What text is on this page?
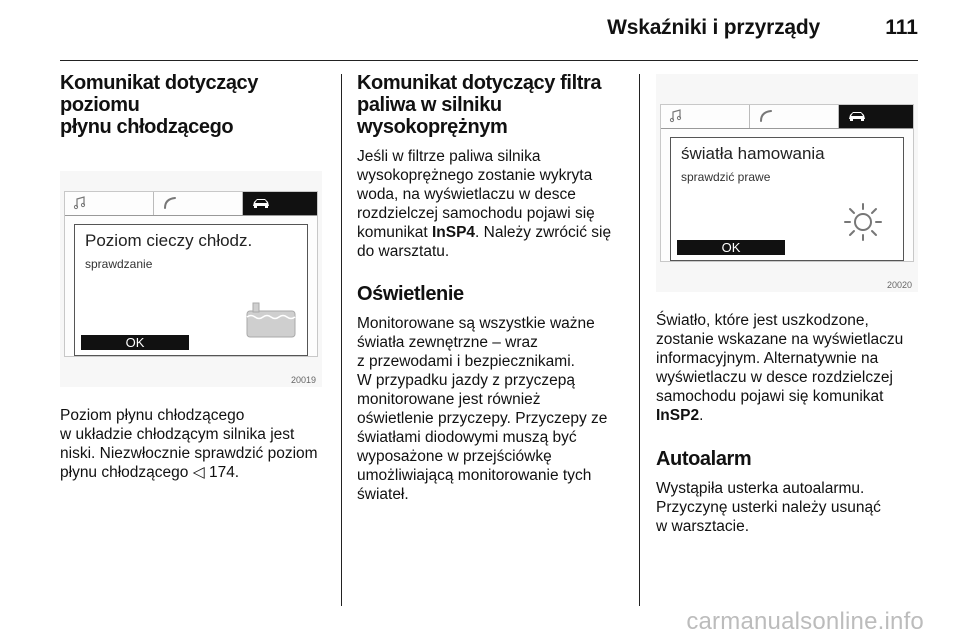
Wskaźniki i przyrządy	111
Komunikat dotyczący poziomu
płynu chłodzącego
Poziom cieczy chłodz.
sprawdzanie
OK
20019

Poziom płynu chłodzącego

w układzie chłodzącym silnika jest

niski. Niezwłocznie sprawdzić poziom

płynu chłodzącego ◁ 174.

Komunikat dotyczący filtra
paliwa w silniku
wysokoprężnym

Jeśli w filtrze paliwa silnika

wysokoprężnego zostanie wykryta

woda, na wyświetlaczu w desce

rozdzielczej samochodu pojawi się

komunikat InSP4. Należy zwrócić się

do warsztatu.

Oświetlenie

Monitorowane są wszystkie ważne

światła zewnętrzne – wraz

z przewodami i bezpiecznikami.

W przypadku jazdy z przyczepą

monitorowane jest również

oświetlenie przyczepy. Przyczepy ze

światłami diodowymi muszą być

wyposażone w przejściówkę

umożliwiającą monitorowanie tych

świateł.

światła hamowania
sprawdzić prawe
OK
20020

Światło, które jest uszkodzone,

zostanie wskazane na wyświetlaczu

informacyjnym. Alternatywnie na

wyświetlaczu w desce rozdzielczej

samochodu pojawi się komunikat

InSP2.

Autoalarm

Wystąpiła usterka autoalarmu.

Przyczynę usterki należy usunąć

w warsztacie.

carmanualsonline.info
